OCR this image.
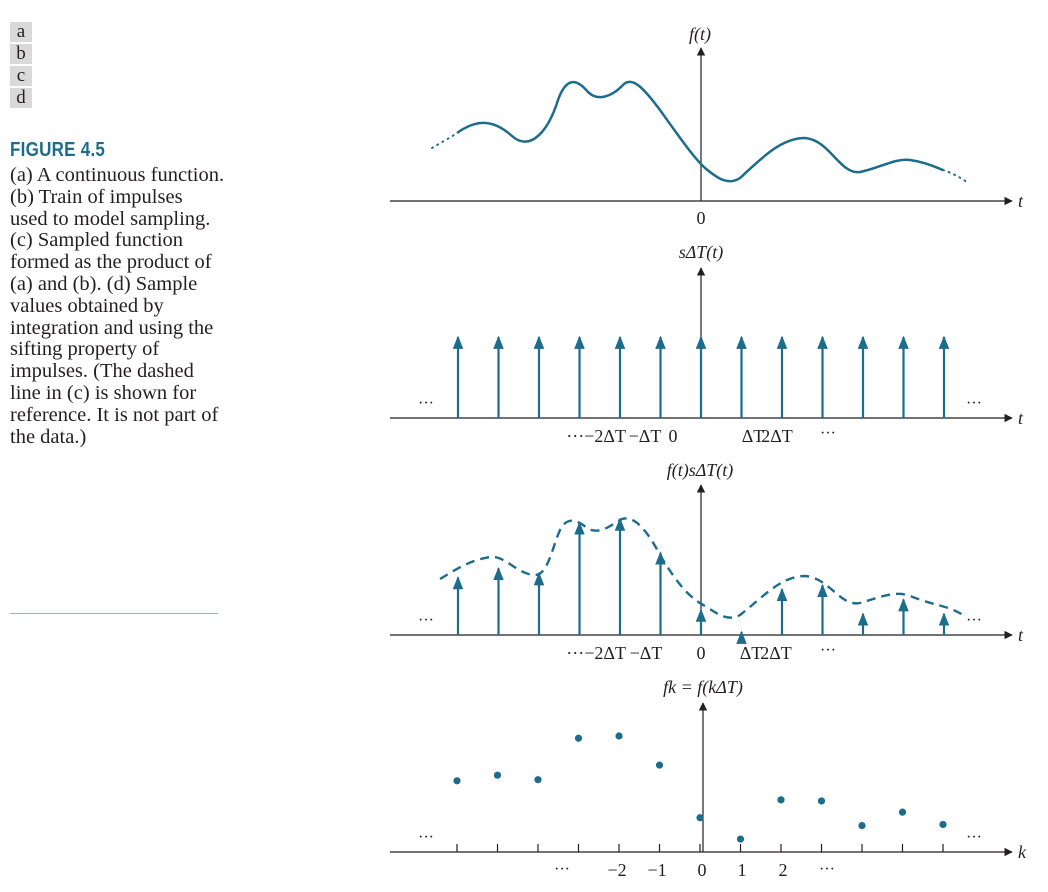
a
b
c
d
FIGURE 4.5

(a) A continuous function. (b) Train of impulses used to model sampling. (c) Sampled function formed as the product of (a) and (b). (d) Sample values obtained by integration and using the sifting property of impulses. (The dashed line in (c) is shown for reference. It is not part of the data.)

f(t)
t
0
sΔT(t)
t
···	···
···−2ΔT −ΔT 0	ΔT
2ΔT ···
f(t)sΔT(t)
t
···	···
···−2ΔT −ΔT 0 ΔT
2ΔT ···
fk = f(kΔT)
k
···	···
··· −2 −1 0 1 2 ···
